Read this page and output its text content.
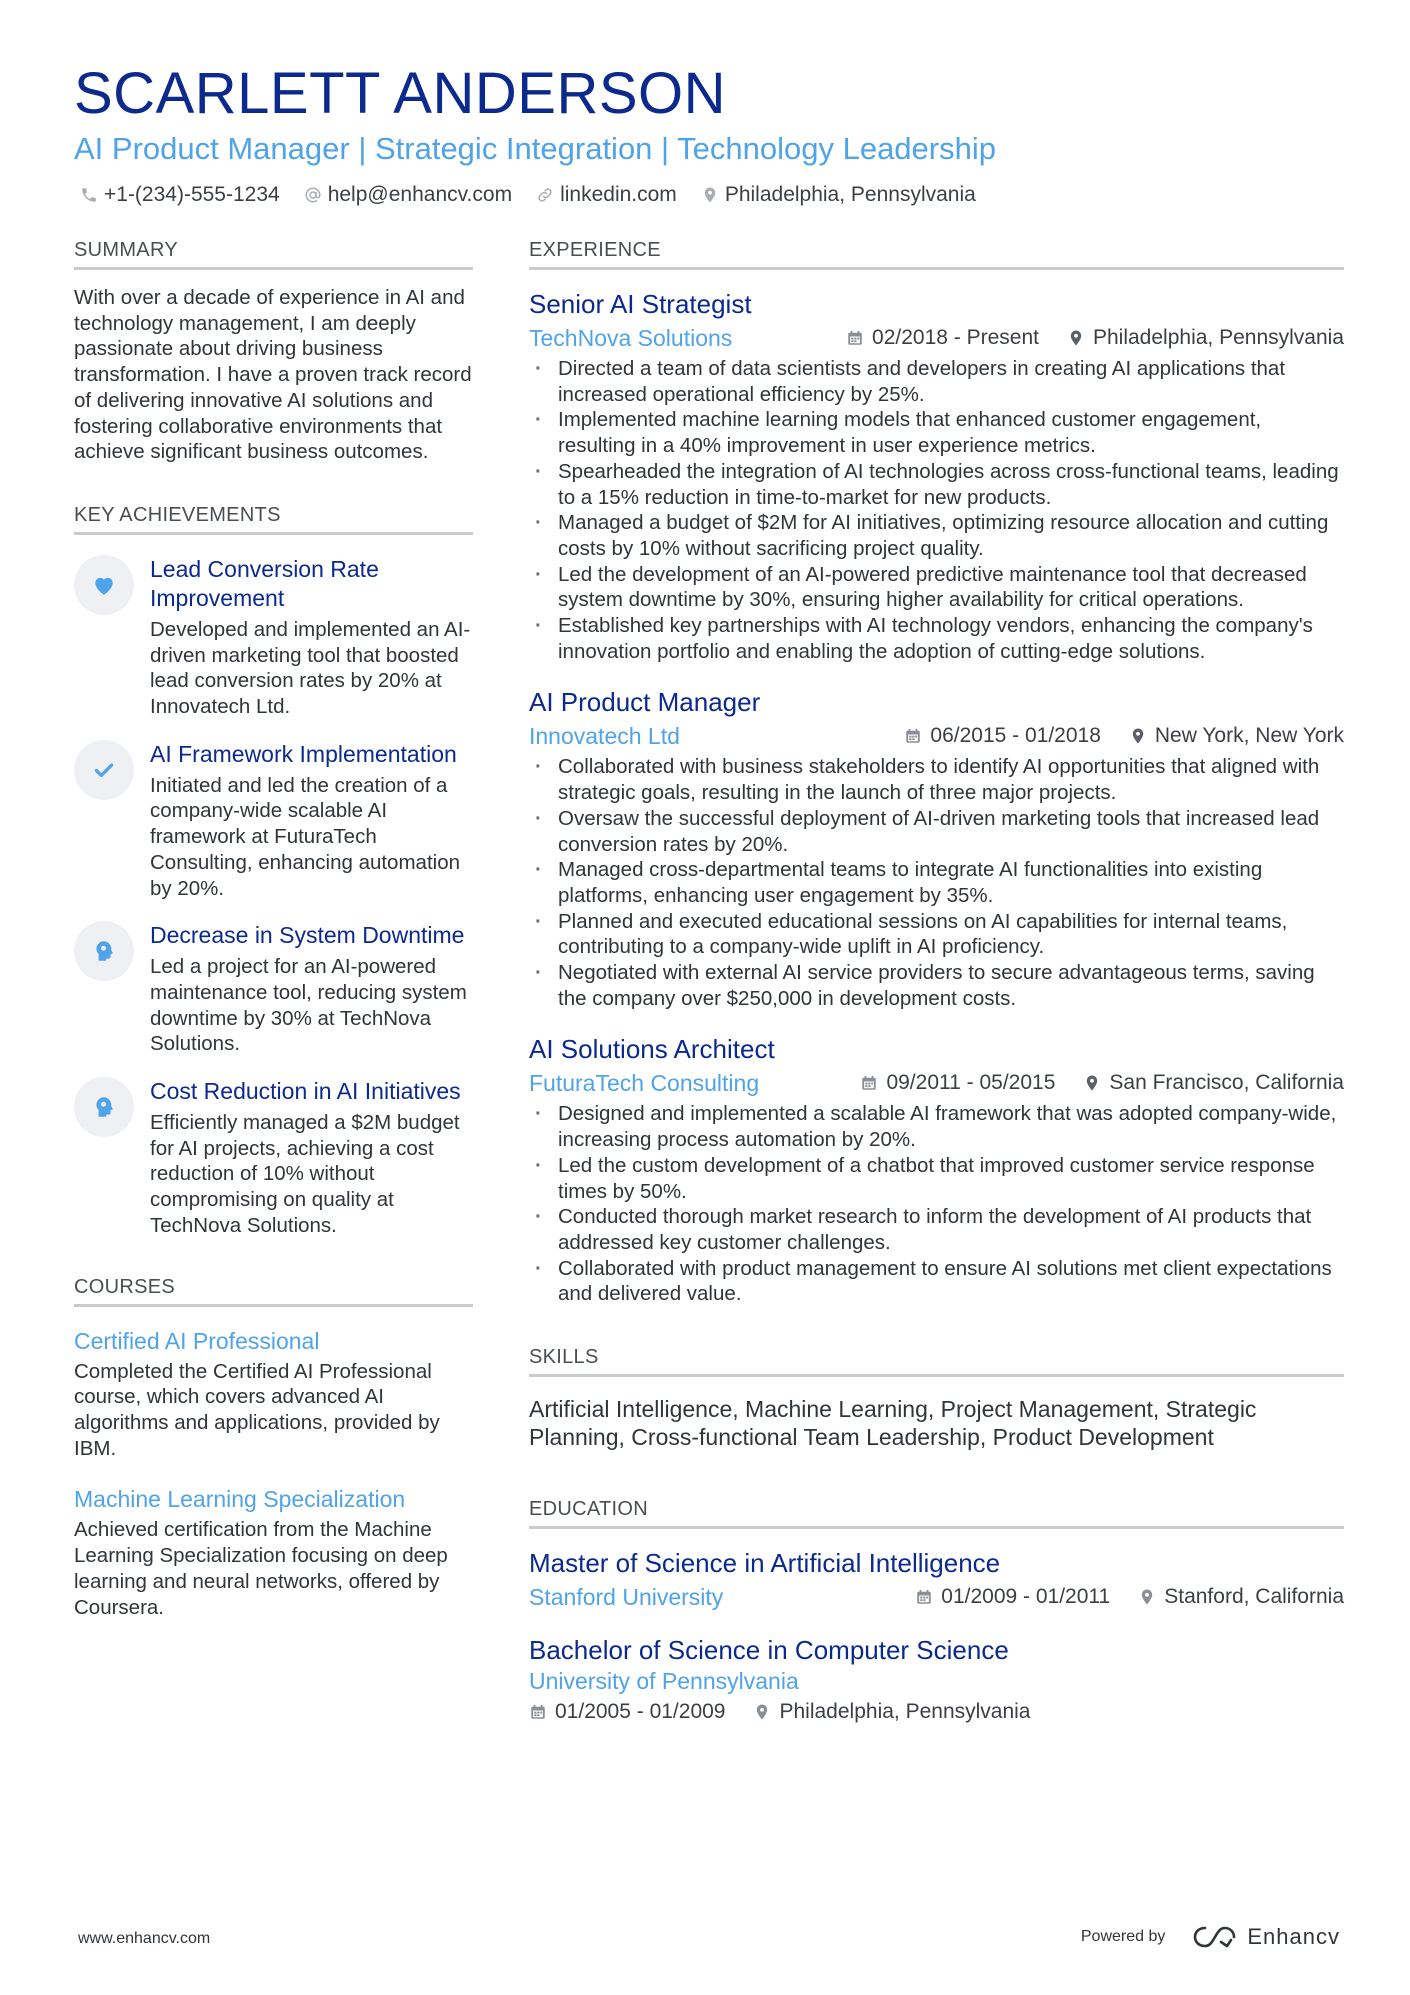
SCARLETT ANDERSON
AI Product Manager | Strategic Integration | Technology Leadership
+1-(234)-555-1234 help@enhancv.com linkedin.com Philadelphia, Pennsylvania
SUMMARY

With over a decade of experience in AI and technology management, I am deeply passionate about driving business transformation. I have a proven track record of delivering innovative AI solutions and fostering collaborative environments that achieve significant business outcomes.

KEY ACHIEVEMENTS
Lead Conversion Rate Improvement
Developed and implemented an AI-driven marketing tool that boosted lead conversion rates by 20% at Innovatech Ltd.
AI Framework Implementation
Initiated and led the creation of a company-wide scalable AI framework at FuturaTech Consulting, enhancing automation by 20%.
Decrease in System Downtime
Led a project for an AI-powered maintenance tool, reducing system downtime by 30% at TechNova Solutions.
Cost Reduction in AI Initiatives
Efficiently managed a $2M budget for AI projects, achieving a cost reduction of 10% without compromising on quality at TechNova Solutions.
COURSES
Certified AI Professional
Completed the Certified AI Professional course, which covers advanced AI algorithms and applications, provided by IBM.
Machine Learning Specialization
Achieved certification from the Machine Learning Specialization focusing on deep learning and neural networks, offered by Coursera.
EXPERIENCE
Senior AI Strategist
TechNova Solutions	02/2018 - Present	Philadelphia, Pennsylvania
· Directed a team of data scientists and developers in creating AI applications that increased operational efficiency by 25%.
· Implemented machine learning models that enhanced customer engagement, resulting in a 40% improvement in user experience metrics.
· Spearheaded the integration of AI technologies across cross-functional teams, leading to a 15% reduction in time-to-market for new products.
· Managed a budget of $2M for AI initiatives, optimizing resource allocation and cutting costs by 10% without sacrificing project quality.
· Led the development of an AI-powered predictive maintenance tool that decreased system downtime by 30%, ensuring higher availability for critical operations.
· Established key partnerships with AI technology vendors, enhancing the company's innovation portfolio and enabling the adoption of cutting-edge solutions.
AI Product Manager
Innovatech Ltd	06/2015 - 01/2018	New York, New York
· Collaborated with business stakeholders to identify AI opportunities that aligned with strategic goals, resulting in the launch of three major projects.
· Oversaw the successful deployment of AI-driven marketing tools that increased lead conversion rates by 20%.
· Managed cross-departmental teams to integrate AI functionalities into existing platforms, enhancing user engagement by 35%.
· Planned and executed educational sessions on AI capabilities for internal teams, contributing to a company-wide uplift in AI proficiency.
· Negotiated with external AI service providers to secure advantageous terms, saving the company over $250,000 in development costs.
AI Solutions Architect
FuturaTech Consulting	09/2011 - 05/2015	San Francisco, California
· Designed and implemented a scalable AI framework that was adopted company-wide, increasing process automation by 20%.
· Led the custom development of a chatbot that improved customer service response times by 50%.
· Conducted thorough market research to inform the development of AI products that addressed key customer challenges.
· Collaborated with product management to ensure AI solutions met client expectations and delivered value.
SKILLS
Artificial Intelligence, Machine Learning, Project Management, Strategic Planning, Cross-functional Team Leadership, Product Development
EDUCATION
Master of Science in Artificial Intelligence
Stanford University	01/2009 - 01/2011	Stanford, California
Bachelor of Science in Computer Science
University of Pennsylvania
01/2005 - 01/2009	Philadelphia, Pennsylvania
www.enhancv.com	Powered by	Enhancv
